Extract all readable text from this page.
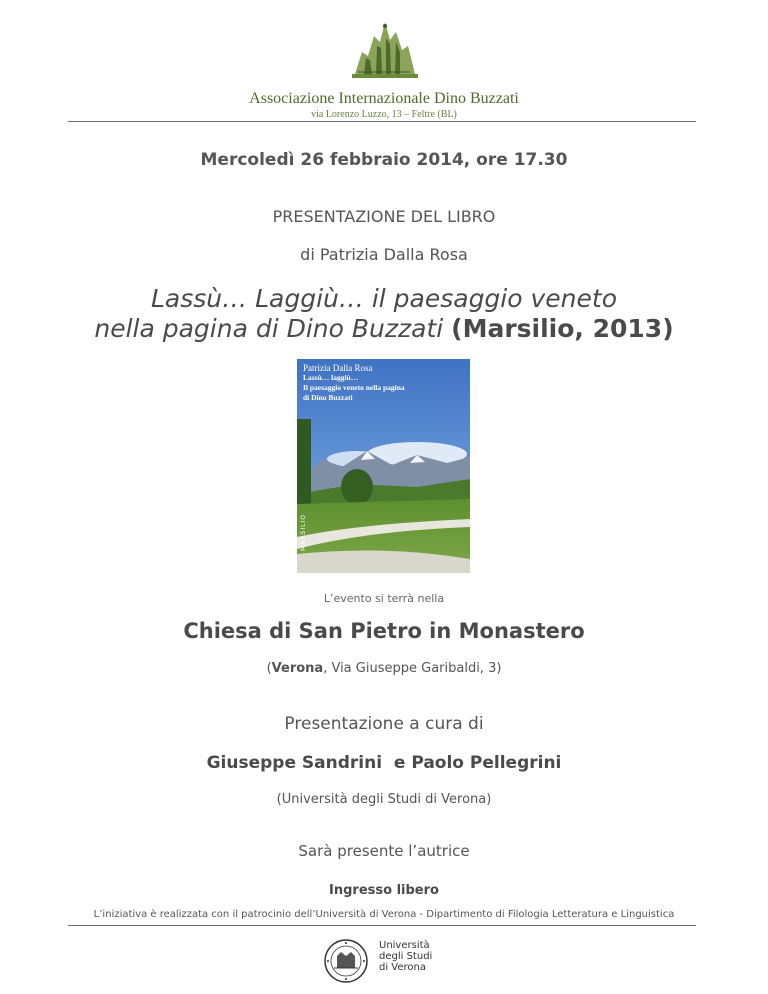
Associazione Internazionale Dino Buzzati
via Lorenzo Luzzo, 13 – Feltre (BL)
Mercoledì 26 febbraio 2014, ore 17.30
PRESENTAZIONE DEL LIBRO
di Patrizia Dalla Rosa
Lassù… Laggiù… il paesaggio veneto
nella pagina di Dino Buzzati (Marsilio, 2013)
Patrizia Dalla Rosa
Lassù… laggiù…
Il paesaggio veneto nella pagina
di Dino Buzzati
MARSILIO
L’evento si terrà nella
Chiesa di San Pietro in Monastero
(Verona, Via Giuseppe Garibaldi, 3)
Presentazione a cura di
Giuseppe Sandrini  e Paolo Pellegrini
(Università degli Studi di Verona)
Sarà presente l’autrice
Ingresso libero
L’iniziativa è realizzata con il patrocinio dell’Università di Verona - Dipartimento di Filologia Letteratura e Linguistica
Università
degli Studi
di Verona
